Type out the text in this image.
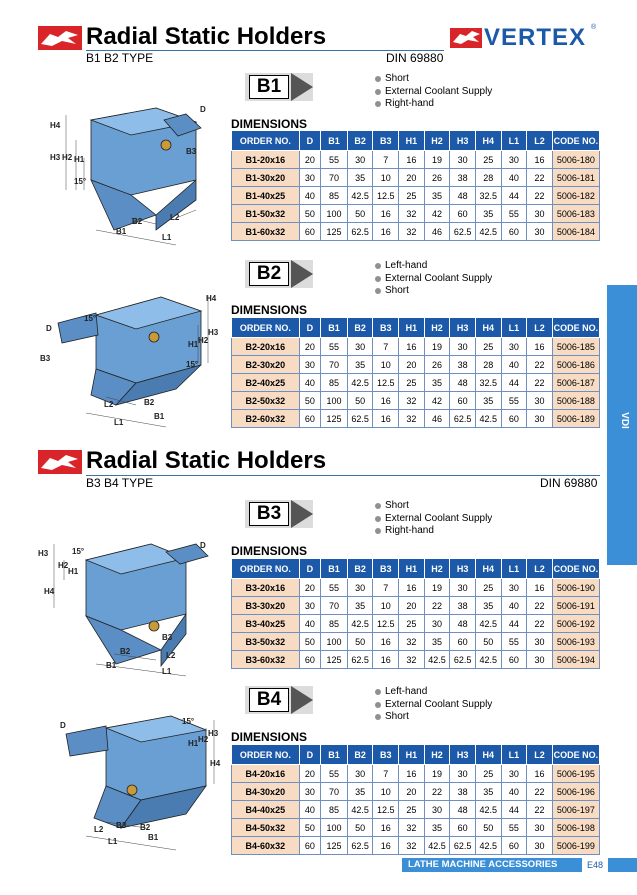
Radial Static Holders
B1 B2 TYPE	DIN 69880
VERTEX ®
VDI
LATHE MACHINE ACCESSORIES	E48
B1	Short
External Coolant Supply
Right-hand
DIMENSIONS
ORDER NO.	D	B1	B2	B3	H1	H2	H3	H4	L1	L2	CODE NO.
B1-20x16	20	55	30	7	16	19	30	25	30	16	5006-180
B1-30x20	30	70	35	10	20	26	38	28	40	22	5006-181
B1-40x25	40	85	42.5	12.5	25	35	48	32.5	44	22	5006-182
B1-50x32	50	100	50	16	32	42	60	35	55	30	5006-183
B1-60x32	60	125	62.5	16	32	46	62.5	42.5	60	30	5006-184
H4
H3 H2 H1
15°
B2
B1
L2
L1
B3
D
B2	Left-hand
External Coolant Supply
Short
DIMENSIONS
ORDER NO.	D	B1	B2	B3	H1	H2	H3	H4	L1	L2	CODE NO.
B2-20x16	20	55	30	7	16	19	30	25	30	16	5006-185
B2-30x20	30	70	35	10	20	26	38	28	40	22	5006-186
B2-40x25	40	85	42.5	12.5	25	35	48	32.5	44	22	5006-187
B2-50x32	50	100	50	16	32	42	60	35	55	30	5006-188
B2-60x32	60	125	62.5	16	32	46	62.5	42.5	60	30	5006-189
15°
H4
H3
H2
H1
15°
B3
L2	B2
L1
B1
D
Radial Static Holders
B3 B4 TYPE	DIN 69880
B3	Short
External Coolant Supply
Right-hand
DIMENSIONS
ORDER NO.	D	B1	B2	B3	H1	H2	H3	H4	L1	L2	CODE NO.
B3-20x16	20	55	30	7	16	19	30	25	30	16	5006-190
B3-30x20	30	70	35	10	20	22	38	35	40	22	5006-191
B3-40x25	40	85	42.5	12.5	25	30	48	42.5	44	22	5006-192
B3-50x32	50	100	50	16	32	35	60	50	55	30	5006-193
B3-60x32	60	125	62.5	16	32	42.5	62.5	42.5	60	30	5006-194
H3	15°
H2
H1
D
H4
B3
B2
B1
L2
L1
B4	Left-hand
External Coolant Supply
Short
DIMENSIONS
ORDER NO.	D	B1	B2	B3	H1	H2	H3	H4	L1	L2	CODE NO.
B4-20x16	20	55	30	7	16	19	30	25	30	16	5006-195
B4-30x20	30	70	35	10	20	22	38	35	40	22	5006-196
B4-40x25	40	85	42.5	12.5	25	30	48	42.5	44	22	5006-197
B4-50x32	50	100	50	16	32	35	60	50	55	30	5006-198
B4-60x32	60	125	62.5	16	32	42.5	62.5	42.5	60	30	5006-199
D	15°
H3
H2
H1
H4
L2 B3 B2
L1	B1
